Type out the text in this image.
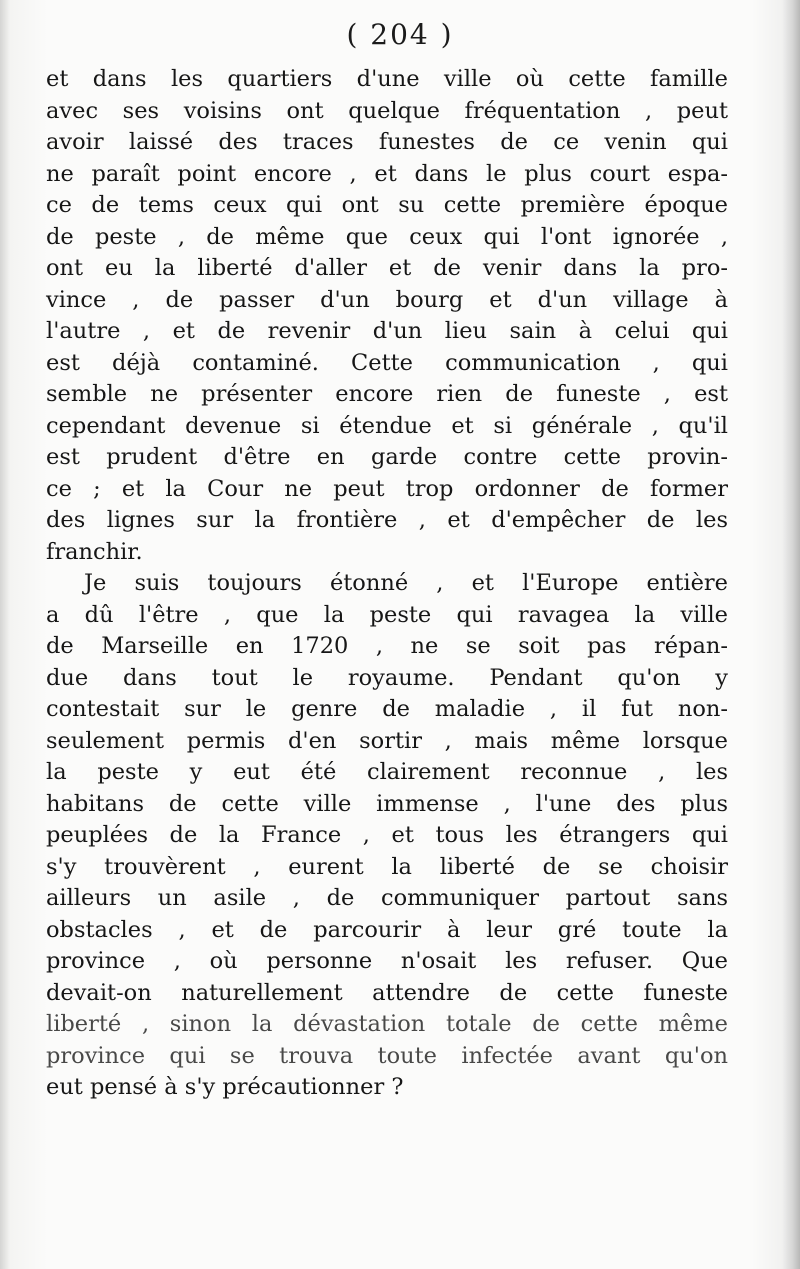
( 204 )
et dans les quartiers d'une ville où cette famille
avec ses voisins ont quelque fréquentation , peut
avoir laissé des traces funestes de ce venin qui
ne paraît point encore , et dans le plus court espa-
ce de tems ceux qui ont su cette première époque
de peste , de même que ceux qui l'ont ignorée ,
ont eu la liberté d'aller et de venir dans la pro-
vince , de passer d'un bourg et d'un village à
l'autre , et de revenir d'un lieu sain à celui qui
est déjà contaminé. Cette communication , qui
semble ne présenter encore rien de funeste , est
cependant devenue si étendue et si générale , qu'il
est prudent d'être en garde contre cette provin-
ce ; et la Cour ne peut trop ordonner de former
des lignes sur la frontière , et d'empêcher de les
franchir.
Je suis toujours étonné , et l'Europe entière
a dû l'être , que la peste qui ravagea la ville
de Marseille en 1720 , ne se soit pas répan-
due dans tout le royaume. Pendant qu'on y
contestait sur le genre de maladie , il fut non-
seulement permis d'en sortir , mais même lorsque
la peste y eut été clairement reconnue , les
habitans de cette ville immense , l'une des plus
peuplées de la France , et tous les étrangers qui
s'y trouvèrent , eurent la liberté de se choisir
ailleurs un asile , de communiquer partout sans
obstacles , et de parcourir à leur gré toute la
province , où personne n'osait les refuser. Que
devait-on naturellement attendre de cette funeste
liberté , sinon la dévastation totale de cette même
province qui se trouva toute infectée avant qu'on
eut pensé à s'y précautionner ?
